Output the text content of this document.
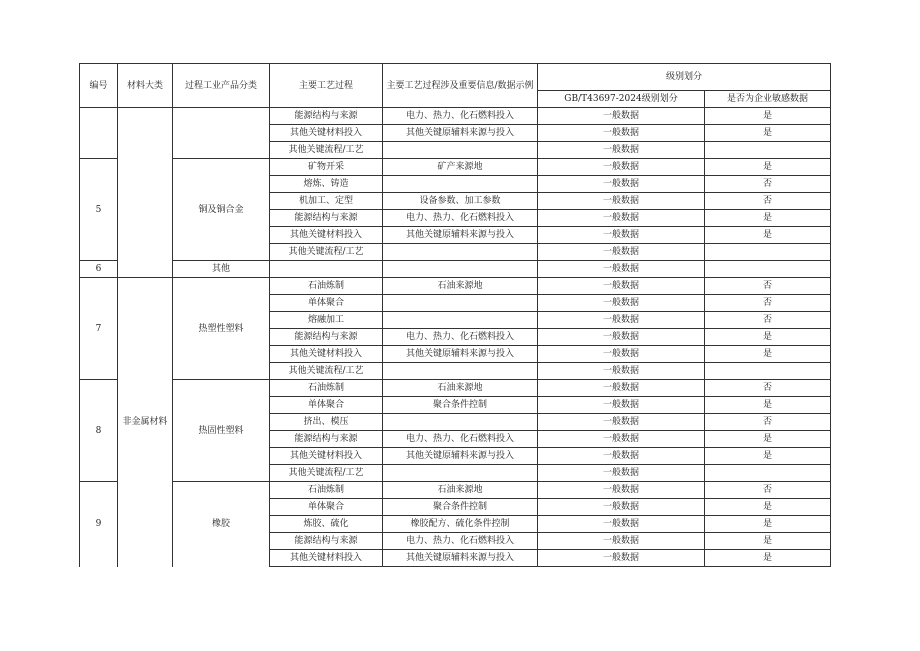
编号	材料大类	过程工业产品分类	主要工艺过程	主要工艺过程涉及重要信息/数据示例	级别划分	
					GB/T43697-2024级别划分	是否为企业敏感数据
			能源结构与来源	电力、热力、化石燃料投入	一般数据	是
			其他关键材料投入	其他关键原辅料来源与投入	一般数据	是
			其他关键流程/工艺		一般数据	
5		铜及铜合金	矿物开采	矿产来源地	一般数据	是
			熔炼、铸造		一般数据	否
			机加工、定型	设备参数、加工参数	一般数据	否
			能源结构与来源	电力、热力、化石燃料投入	一般数据	是
			其他关键材料投入	其他关键原辅料来源与投入	一般数据	是
			其他关键流程/工艺		一般数据	
6		其他			一般数据	
7	非金属材料	热塑性塑料	石油炼制	石油来源地	一般数据	否
			单体聚合		一般数据	否
			熔融加工		一般数据	否
			能源结构与来源	电力、热力、化石燃料投入	一般数据	是
			其他关键材料投入	其他关键原辅料来源与投入	一般数据	是
			其他关键流程/工艺		一般数据	
8		热固性塑料	石油炼制	石油来源地	一般数据	否
			单体聚合	聚合条件控制	一般数据	是
			挤出、模压		一般数据	否
			能源结构与来源	电力、热力、化石燃料投入	一般数据	是
			其他关键材料投入	其他关键原辅料来源与投入	一般数据	是
			其他关键流程/工艺		一般数据	
9		橡胶	石油炼制	石油来源地	一般数据	否
			单体聚合	聚合条件控制	一般数据	是
			炼胶、硫化	橡胶配方、硫化条件控制	一般数据	是
			能源结构与来源	电力、热力、化石燃料投入	一般数据	是
			其他关键材料投入	其他关键原辅料来源与投入	一般数据	是
